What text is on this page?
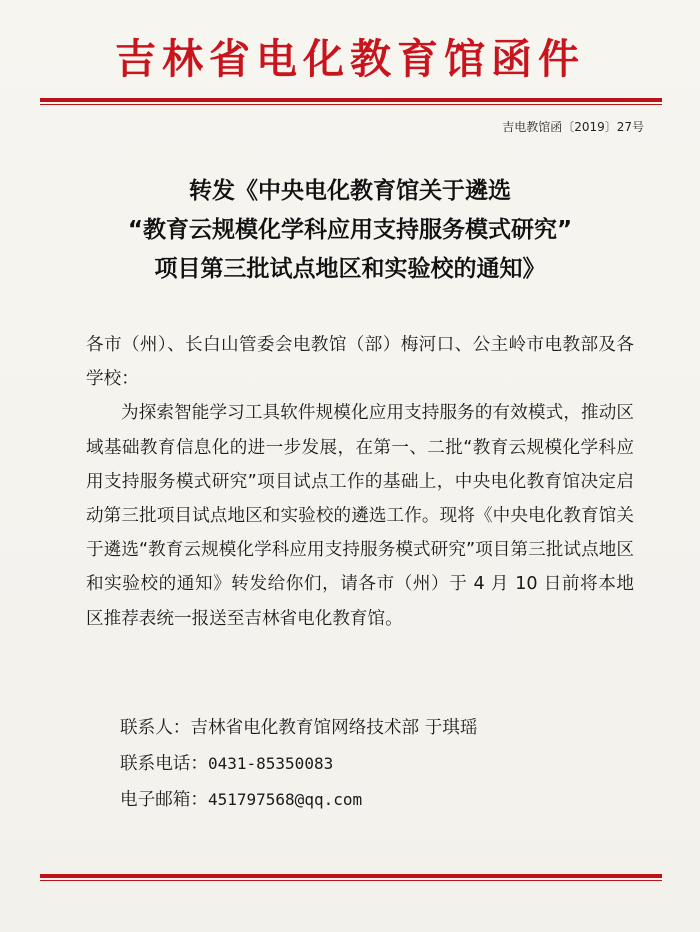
吉林省电化教育馆函件
吉电教馆函〔2019〕27号
转发《中央电化教育馆关于遴选
“教育云规模化学科应用支持服务模式研究”
项目第三批试点地区和实验校的通知》

各市（州）、长白山管委会电教馆（部）梅河口、公主岭市电教部及各学校：

为探索智能学习工具软件规模化应用支持服务的有效模式，推动区域基础教育信息化的进一步发展，在第一、二批“教育云规模化学科应用支持服务模式研究”项目试点工作的基础上，中央电化教育馆决定启动第三批项目试点地区和实验校的遴选工作。现将《中央电化教育馆关于遴选“教育云规模化学科应用支持服务模式研究”项目第三批试点地区和实验校的通知》转发给你们，请各市（州）于 4 月 10 日前将本地区推荐表统一报送至吉林省电化教育馆。

联系人：吉林省电化教育馆网络技术部 于琪瑶
联系电话：0431-85350083
电子邮箱：451797568@qq.com
